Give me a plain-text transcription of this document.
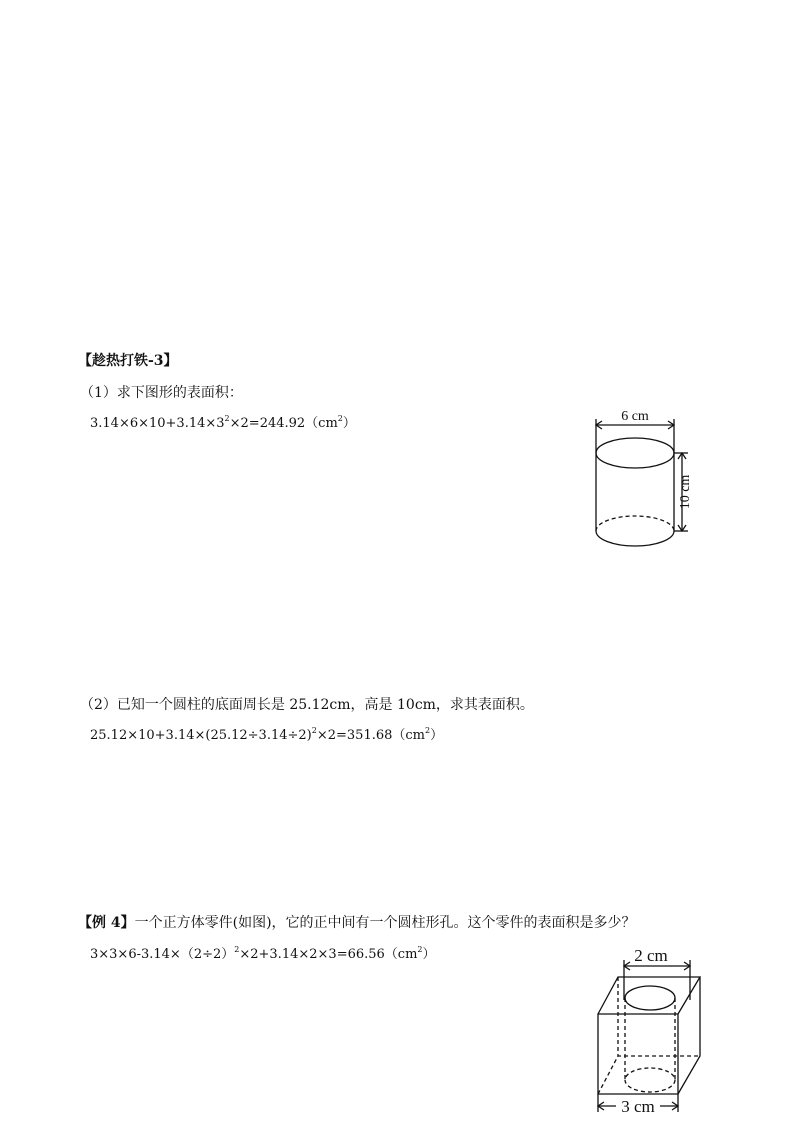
【趁热打铁-3】
（1）求下图形的表面积：
$3.14\times 6\times 10+3.14\times 3^2\times 2=244.92(cm^2)$	6 cm
10 cm
（2）已知一个圆柱的底面周长是 25.12cm，高是 10cm，求其表面积。
$25.12\times 10+3.14\times(25.12\div 3.14\div 2)^2\times 2=351.68(cm^2)$
【例 4】一个正方体零件(如图)，它的正中间有一个圆柱形孔。这个零件的表面积是多少？
$3\times 3\times 6-3.14\times(2\div 2)^2\times 2+3.14\times 2\times 3=66.56(cm^2)$	2 cm
3 cm
